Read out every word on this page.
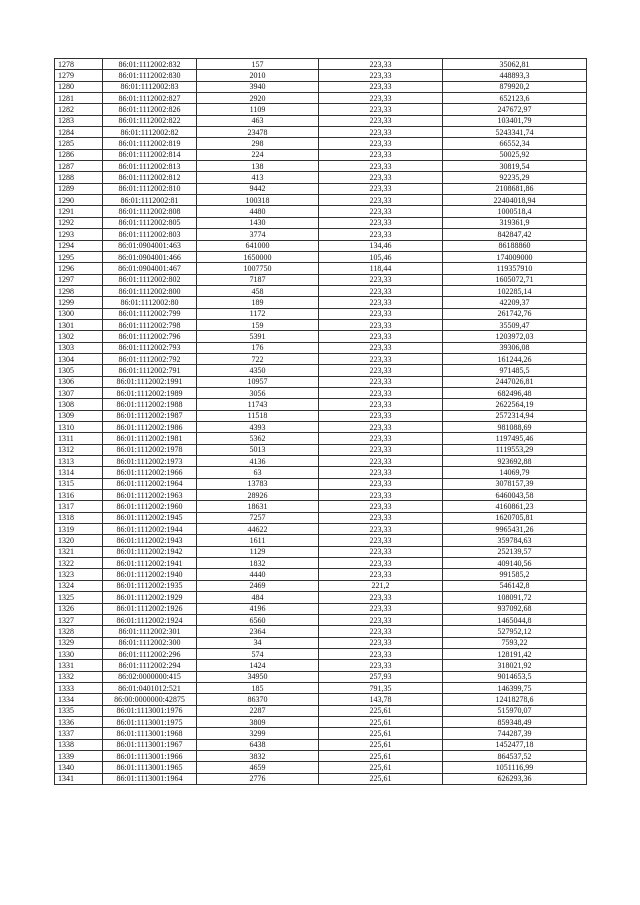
1278	86:01:1112002:832	157	223,33	35062,81
1279	86:01:1112002:830	2010	223,33	448893,3
1280	86:01:1112002:83	3940	223,33	879920,2
1281	86:01:1112002:827	2920	223,33	652123,6
1282	86:01:1112002:826	1109	223,33	247672,97
1283	86:01:1112002:822	463	223,33	103401,79
1284	86:01:1112002:82	23478	223,33	5243341,74
1285	86:01:1112002:819	298	223,33	66552,34
1286	86:01:1112002:814	224	223,33	50025,92
1287	86:01:1112002:813	138	223,33	30819,54
1288	86:01:1112002:812	413	223,33	92235,29
1289	86:01:1112002:810	9442	223,33	2108681,86
1290	86:01:1112002:81	100318	223,33	22404018,94
1291	86:01:1112002:808	4480	223,33	1000518,4
1292	86:01:1112002:805	1430	223,33	319361,9
1293	86:01:1112002:803	3774	223,33	842847,42
1294	86:01:0904001:463	641000	134,46	86188860
1295	86:01:0904001:466	1650000	105,46	174009000
1296	86:01:0904001:467	1007750	118,44	119357910
1297	86:01:1112002:802	7187	223,33	1605072,71
1298	86:01:1112002:800	458	223,33	102285,14
1299	86:01:1112002:80	189	223,33	42209,37
1300	86:01:1112002:799	1172	223,33	261742,76
1301	86:01:1112002:798	159	223,33	35509,47
1302	86:01:1112002:796	5391	223,33	1203972,03
1303	86:01:1112002:793	176	223,33	39306,08
1304	86:01:1112002:792	722	223,33	161244,26
1305	86:01:1112002:791	4350	223,33	971485,5
1306	86:01:1112002:1991	10957	223,33	2447026,81
1307	86:01:1112002:1989	3056	223,33	682496,48
1308	86:01:1112002:1988	11743	223,33	2622564,19
1309	86:01:1112002:1987	11518	223,33	2572314,94
1310	86:01:1112002:1986	4393	223,33	981088,69
1311	86:01:1112002:1981	5362	223,33	1197495,46
1312	86:01:1112002:1978	5013	223,33	1119553,29
1313	86:01:1112002:1973	4136	223,33	923692,88
1314	86:01:1112002:1966	63	223,33	14069,79
1315	86:01:1112002:1964	13783	223,33	3078157,39
1316	86:01:1112002:1963	28926	223,33	6460043,58
1317	86:01:1112002:1960	18631	223,33	4160861,23
1318	86:01:1112002:1945	7257	223,33	1620705,81
1319	86:01:1112002:1944	44622	223,33	9965431,26
1320	86:01:1112002:1943	1611	223,33	359784,63
1321	86:01:1112002:1942	1129	223,33	252139,57
1322	86:01:1112002:1941	1832	223,33	409140,56
1323	86:01:1112002:1940	4440	223,33	991585,2
1324	86:01:1112002:1935	2469	221,2	546142,8
1325	86:01:1112002:1929	484	223,33	108091,72
1326	86:01:1112002:1926	4196	223,33	937092,68
1327	86:01:1112002:1924	6560	223,33	1465044,8
1328	86:01:1112002:301	2364	223,33	527952,12
1329	86:01:1112002:300	34	223,33	7593,22
1330	86:01:1112002:296	574	223,33	128191,42
1331	86:01:1112002:294	1424	223,33	318021,92
1332	86:02:0000000:415	34950	257,93	9014653,5
1333	86:01:0401012:521	185	791,35	146399,75
1334	86:00:0000000:42875	86370	143,78	12418278,6
1335	86:01:1113001:1976	2287	225,61	515970,07
1336	86:01:1113001:1975	3809	225,61	859348,49
1337	86:01:1113001:1968	3299	225,61	744287,39
1338	86:01:1113001:1967	6438	225,61	1452477,18
1339	86:01:1113001:1966	3832	225,61	864537,52
1340	86:01:1113001:1965	4659	225,61	1051116,99
1341	86:01:1113001:1964	2776	225,61	626293,36
